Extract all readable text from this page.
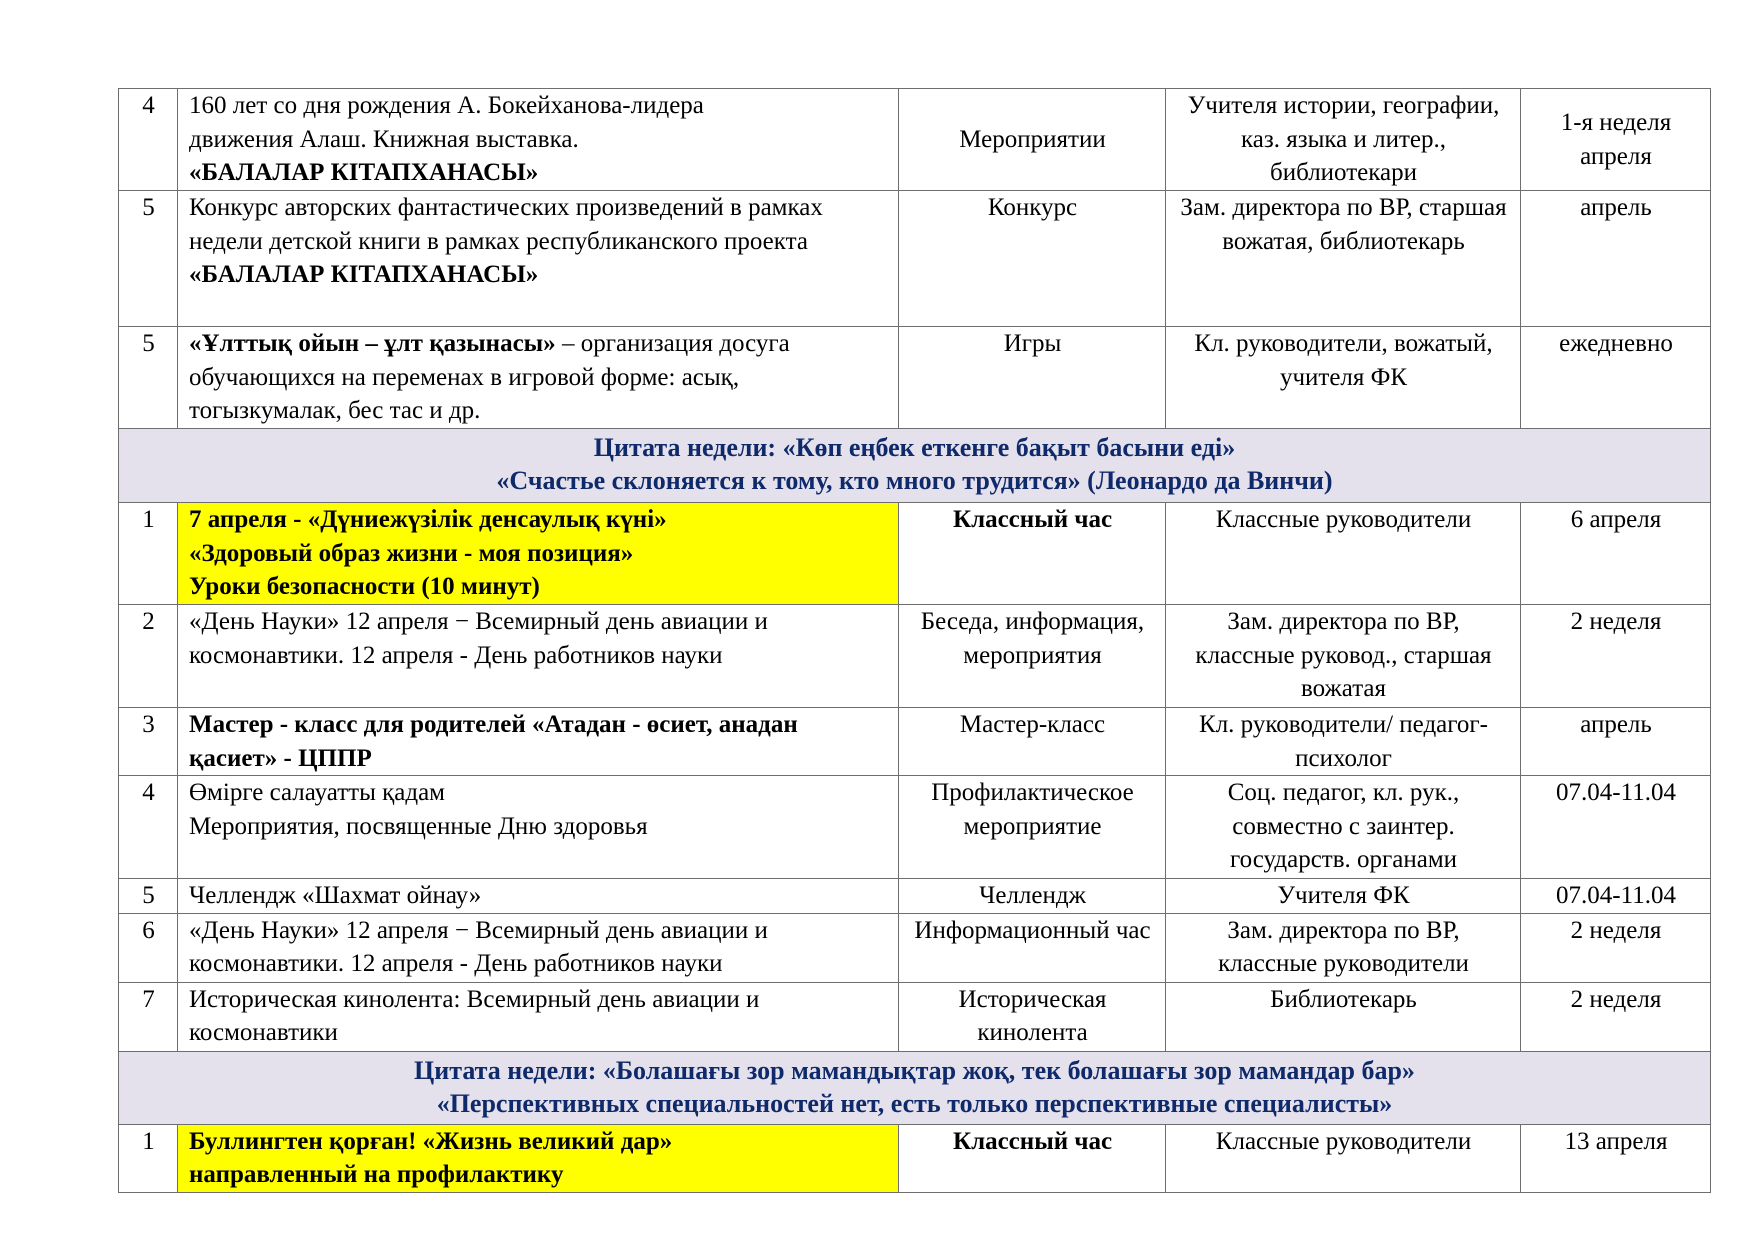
4	160 лет со дня рождения А. Бокейханова-лидера
движения Алаш. Книжная выставка.
«БАЛАЛАР КІТАПХАНАСЫ»	Мероприятии	Учителя истории, географии, каз. языка и литер., библиотекари	1-я неделя апреля
5	Конкурс авторских фантастических произведений в рамках недели детской книги в рамках республиканского проекта «БАЛАЛАР КІТАПХАНАСЫ»	Конкурс	Зам. директора по ВР, старшая вожатая, библиотекарь	апрель
5	«Ұлттық ойын – ұлт қазынасы» – организация досуга обучающихся на переменах в игровой форме: асық, тогызкумалак, бес тас и др.	Игры	Кл. руководители, вожатый, учителя ФК	ежедневно

Цитата недели: «Көп еңбек еткенге бақыт басыни еді»
«Счастье склоняется к тому, кто много трудится» (Леонардо да Винчи)				

1	7 апреля - «Дүниежүзілік денсаулық күні»
«Здоровый образ жизни - моя позиция»
Уроки безопасности (10 минут)	Классный час	Классные руководители	6 апреля
2	«День Науки» 12 апреля − Всемирный день авиации и космонавтики. 12 апреля - День работников науки	Беседа, информация, мероприятия	Зам. директора по ВР, классные руковод., старшая вожатая	2 неделя
3	Мастер - класс для родителей «Атадан - өсиет, анадан қасиет» - ЦППР	Мастер-класс	Кл. руководители/ педагог-психолог	апрель
4	Өмірге салауатты қадам
Мероприятия, посвященные Дню здоровья	Профилактическое мероприятие	Соц. педагог, кл. рук., совместно с заинтер. государств. органами	07.04-11.04
5	Челлендж «Шахмат ойнау»	Челлендж	Учителя ФК	07.04-11.04
6	«День Науки» 12 апреля − Всемирный день авиации и космонавтики. 12 апреля - День работников науки	Информационный час	Зам. директора по ВР, классные руководители	2 неделя
7	Историческая кинолента: Всемирный день авиации и космонавтики	Историческая кинолента	Библиотекарь	2 неделя

Цитата недели: «Болашағы зор мамандықтар жоқ, тек болашағы зор мамандар бар»
«Перспективных специальностей нет, есть только перспективные специалисты»				

1	Буллингтен қорған! «Жизнь великий дар»
направленный на профилактику	Классный час	Классные руководители	13 апреля
